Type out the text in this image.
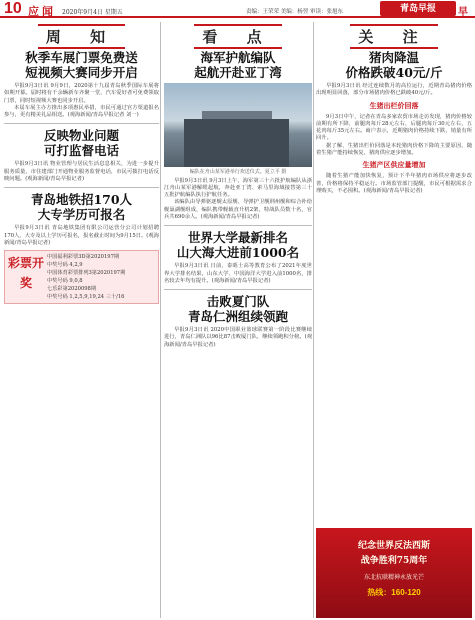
10 应 闻 2020年9月4日 星期五	责编：王荣荣 美编：杨翌 审读：张旭东	青岛早报	早
周 知
秋季车展门票免费送
短视频大赛同步开启

早报9月3日讯 9月9日，2020第十九届青岛秋季国际车展将如期开幕。届时将有千余辆新车齐聚一堂，汽车爱好者可免费领取门票，同时短视频大赛也同步开启。

本届车展主办方推出多项惠民举措，市民可通过官方渠道报名参与，更有精美礼品相送。(观海新闻/青岛早报记者 刘一)

反映物业问题
可打监督电话

早报9月3日讯 物业管理与居民生活息息相关，为进一步提升服务质量，市住建部门开通物业服务监督电话，市民可拨打电话反映问题。(观海新闻/青岛早报记者)

青岛地铁招170人
大专学历可报名

早报9月3日讯 青岛地铁集团有限公司运营分公司计划招聘170人，大专及以上学历可报名，报名截止时间为9月15日。(观海新闻/青岛早报记者)

彩票开奖
中国福利彩票3D第2020197期
中奖号码 4,2,9
中国体育彩票排列3第2020197期
中奖号码 9,0,8
七乐彩第2020098期
中奖号码 1,2,5,9,19,24 三十/16
看 点
海军护航编队
起航开赴亚丁湾
编队在舟山某军港举行欢送仪式。夏立平 摄

早报9月3日讯 9月3日上午，海军第三十六批护航编队从浙江舟山某军港解缆起航，奔赴亚丁湾、索马里海域接替第三十五批护航编队执行护航任务。

该编队由导弹驱逐舰太原舰、导弹护卫舰荆州舰和综合补给舰巢湖舰组成，编队携带舰载直升机2架，特战队员数十名，官兵共690余人。(观海新闻/青岛早报记者)

世界大学最新排名
山大海大进前1000名

早报9月3日讯 日前，泰晤士高等教育公布了2021年度世界大学排名结果，山东大学、中国海洋大学进入前1000名，排名较去年均有提升。(观海新闻/青岛早报记者)

击败夏门队
青岛仁洲组续领跑

早报9月3日讯 2020中国职业篮球联赛第一阶段比赛继续进行，青岛仁洲队以96比87击败厦门队，继续领跑积分榜。(观海新闻/青岛早报记者)

关 注
猪肉降温
价格跌破40元/斤

早报9月3日讯 经过连续数月的高位运行，近期青岛猪肉价格出现明显回落，部分市场猪肉价格已跌破40元/斤。

生猪出栏价回落

9月3日中午，记者在青岛多家农贸市场走访发现，猪肉价格较前期有所下降，前腿肉每斤28元左右，后腿肉每斤30元左右，五花肉每斤35元左右。商户表示，近期猪肉价格持续下跌，销量有所回升。

据了解，生猪出栏价回落是本轮猪肉价格下降的主要原因，随着生猪产能持续恢复，猪肉供应逐步增加。

生猪产区供应量增加

随着生猪产能加快恢复，预计下半年猪肉市场供应将逐步改善，价格将保持平稳运行。市场监管部门提醒，市民可根据需求合理购买，不必囤积。(观海新闻/青岛早报记者)

纪念世界反法西斯
战争胜利75周年
东北抗联精神永放光芒
热线：160-120
